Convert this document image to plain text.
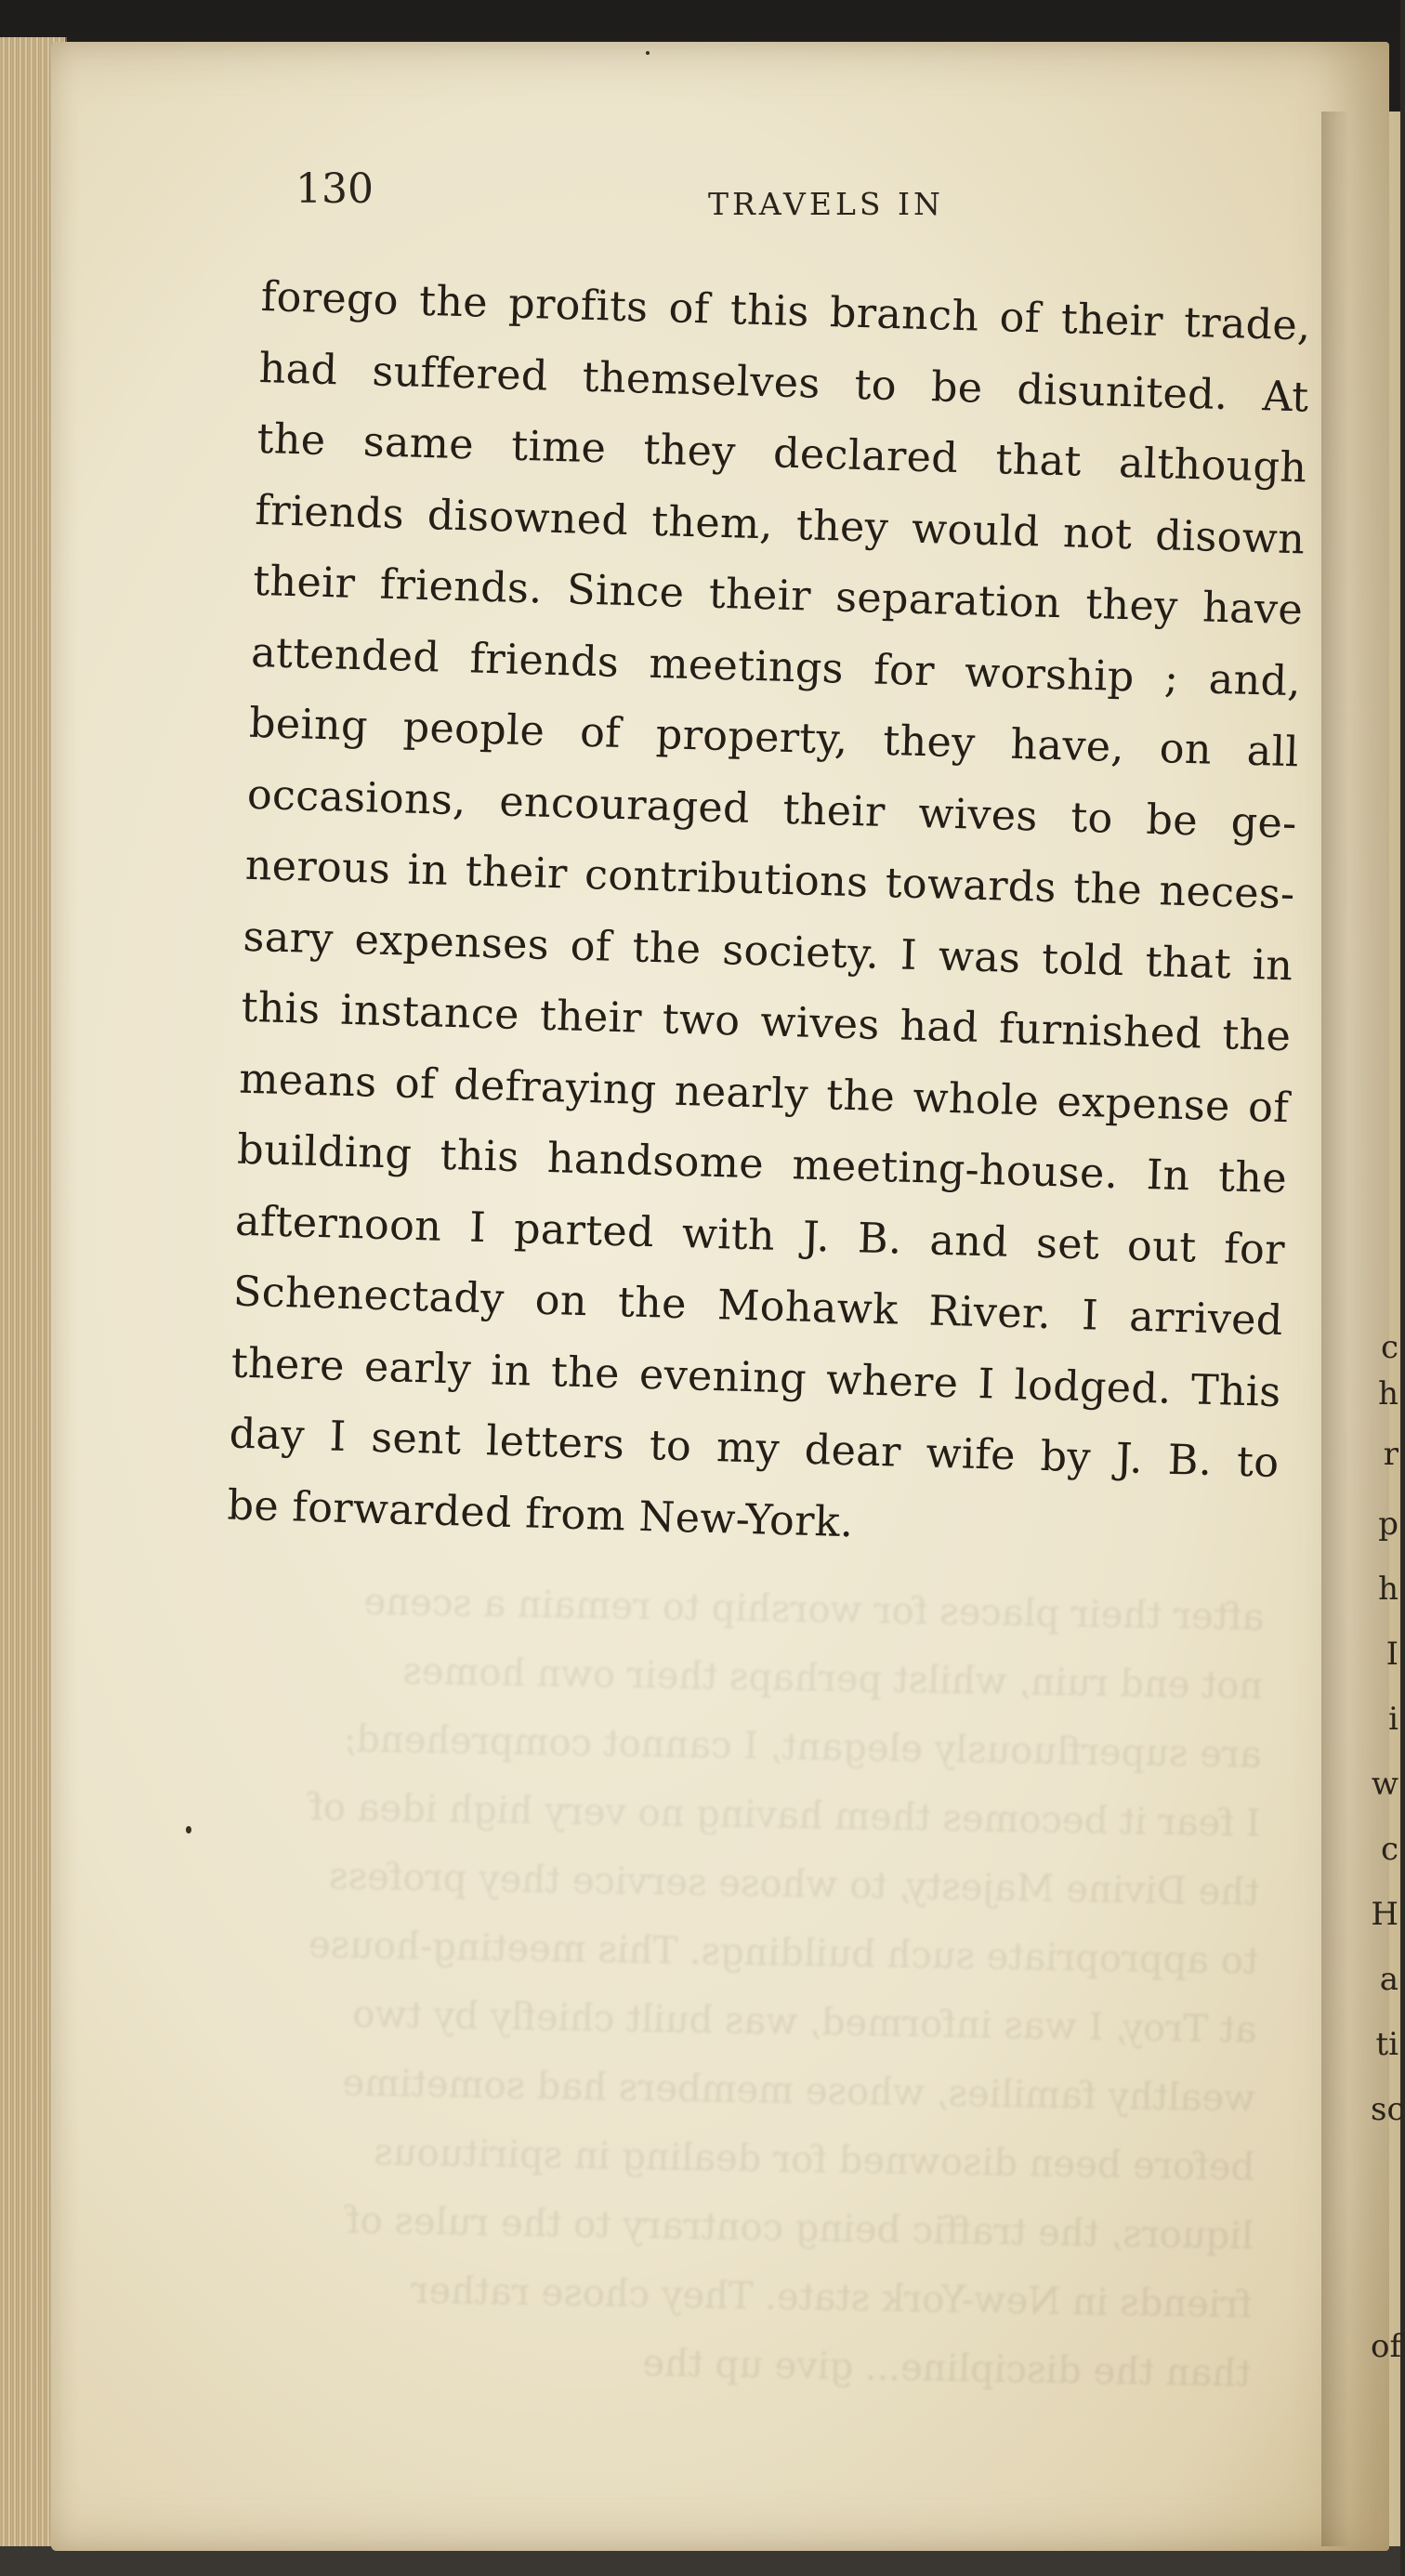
after their places for worship to remain a scene
not end ruin, whilst perhaps their own homes
are superfluously elegant, I cannot comprehend;
I fear it becomes them having no very high idea of
the Divine Majesty, to whose service they profess
to appropriate such buildings. This meeting-house
at Troy, I was informed, was built chiefly by two
wealthy families, whose members had sometime
before been disowned for dealing in spirituous
liquors, the traffic being contrary to the rules of
friends in New-York state. They chose rather
than the discipline... give up the
c
h
r
p
h
I
i
w
c
H
a
ti
sc
of
130	TRAVELS IN
forego the profits of this branch of their trade,
had suffered themselves to be disunited. At
the same time they declared that although
friends disowned them, they would not disown
their friends. Since their separation they have
attended friends meetings for worship ; and,
being people of property, they have, on all
occasions, encouraged their wives to be ge-
nerous in their contributions towards the neces-
sary expenses of the society. I was told that in
this instance their two wives had furnished the
means of defraying nearly the whole expense of
building this handsome meeting-house. In the
afternoon I parted with J. B. and set out for
Schenectady on the Mohawk River. I arrived
there early in the evening where I lodged. This
day I sent letters to my dear wife by J. B. to
be forwarded from New-York.
